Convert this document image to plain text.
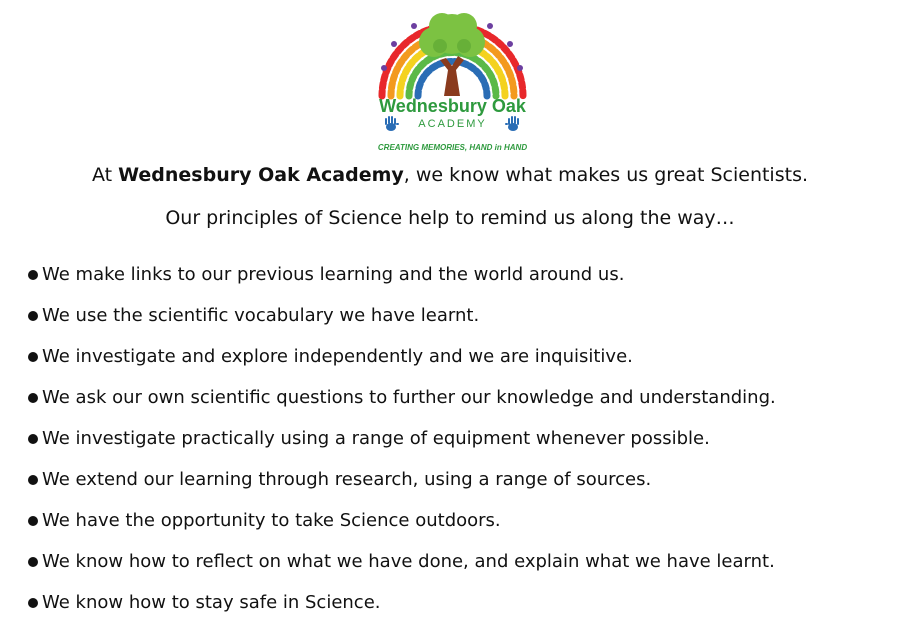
Wednesbury Oak
ACADEMY
CREATING MEMORIES, HAND in HAND
At Wednesbury Oak Academy, we know what makes us great Scientists.
Our principles of Science help to remind us along the way…
We make links to our previous learning and the world around us.
We use the scientific vocabulary we have learnt.
We investigate and explore independently and we are inquisitive.
We ask our own scientific questions to further our knowledge and understanding.
We investigate practically using a range of equipment whenever possible.
We extend our learning through research, using a range of sources.
We have the opportunity to take Science outdoors.
We know how to reflect on what we have done, and explain what we have learnt.
We know how to stay safe in Science.
